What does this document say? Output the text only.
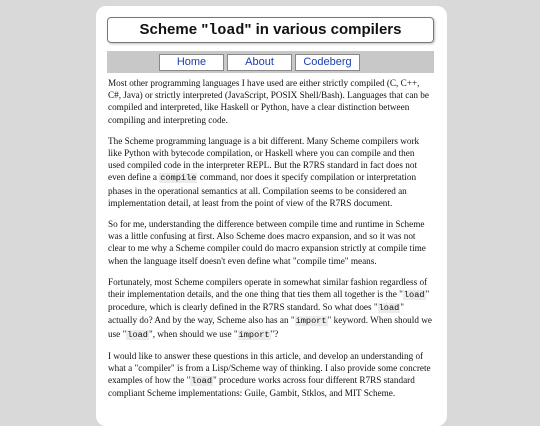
Scheme "load" in various compilers
Home	About	Codeberg

Most other programming languages I have used are either strictly compiled (C, C++, C#, Java) or strictly interpreted (JavaScript, POSIX Shell/Bash). Languages that can be compiled and interpreted, like Haskell or Python, have a clear distinction between compiling and interpreting code.

The Scheme programming language is a bit different. Many Scheme compilers work like Python with bytecode compilation, or Haskell where you can compile and then used compiled code in the interpreter REPL. But the R7RS standard in fact does not even define a compile command, nor does it specify compilation or interpretation phases in the operational semantics at all. Compilation seems to be considered an implementation detail, at least from the point of view of the R7RS document.

So for me, understanding the difference between compile time and runtime in Scheme was a little confusing at first. Also Scheme does macro expansion, and so it was not clear to me why a Scheme compiler could do macro expansion strictly at compile time when the language itself doesn't even define what "compile time" means.

Fortunately, most Scheme compilers operate in somewhat similar fashion regardless of their implementation details, and the one thing that ties them all together is the "load" procedure, which is clearly defined in the R7RS standard. So what does "load" actually do? And by the way, Scheme also has an "import" keyword. When should we use "load", when should we use "import"?

I would like to answer these questions in this article, and develop an understanding of what a "compiler" is from a Lisp/Scheme way of thinking. I also provide some concrete examples of how the "load" procedure works across four different R7RS standard compliant Scheme implementations: Guile, Gambit, Stklos, and MIT Scheme.
